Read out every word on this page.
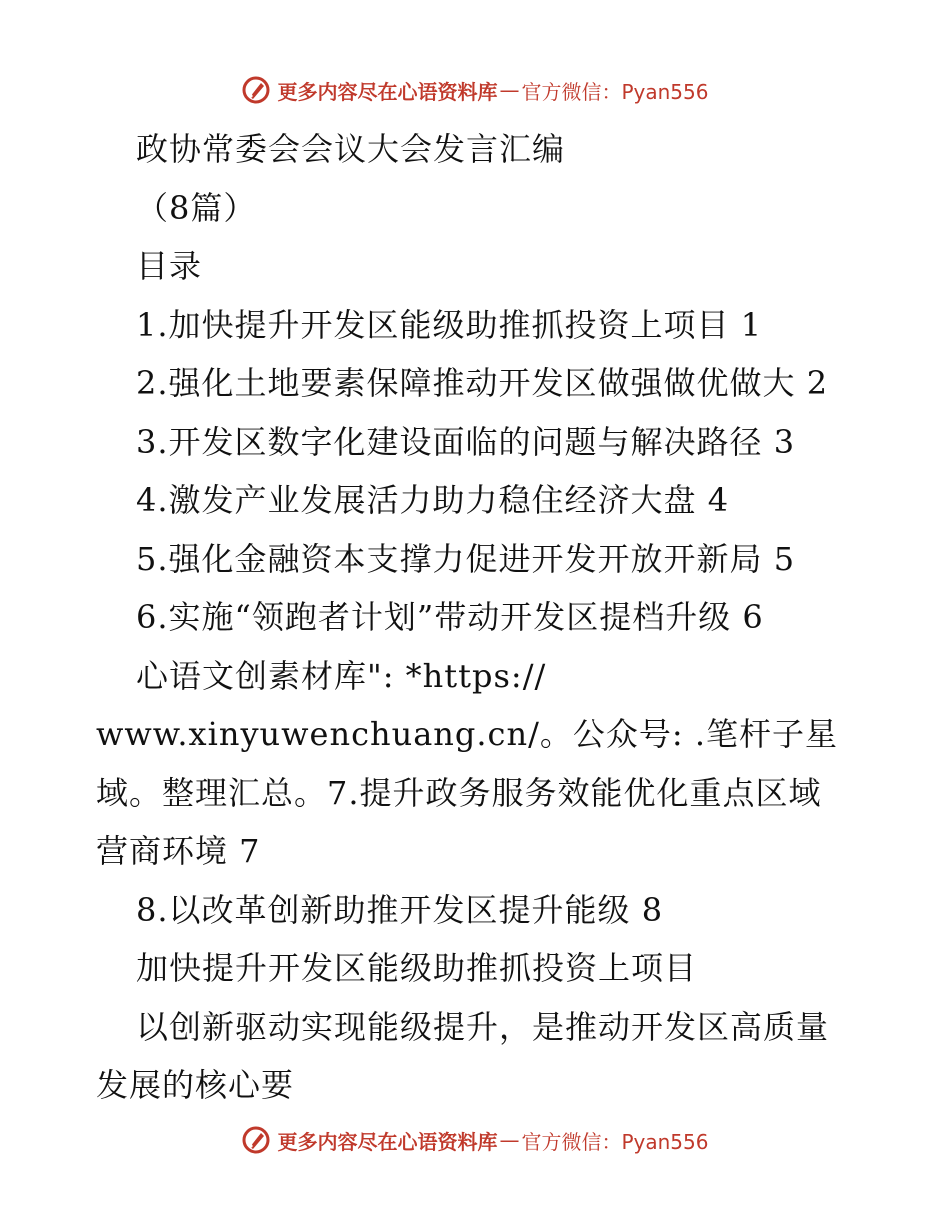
更多内容尽在心语资料库 — 官方微信：Pyan556
政协常委会会议大会发言汇编
（8篇）
目录
1.加快提升开发区能级助推抓投资上项目 1
2.强化土地要素保障推动开发区做强做优做大 2
3.开发区数字化建设面临的问题与解决路径 3
4.激发产业发展活力助力稳住经济大盘 4
5.强化金融资本支撑力促进开发开放开新局 5
6.实施“领跑者计划”带动开发区提档升级 6
心语文创素材库": *https://
www.xinyuwenchuang.cn/。公众号: .笔杆子星
域。整理汇总。7.提升政务服务效能优化重点区域
营商环境 7
8.以改革创新助推开发区提升能级 8
加快提升开发区能级助推抓投资上项目
以创新驱动实现能级提升，是推动开发区高质量
发展的核心要
更多内容尽在心语资料库 — 官方微信：Pyan556
